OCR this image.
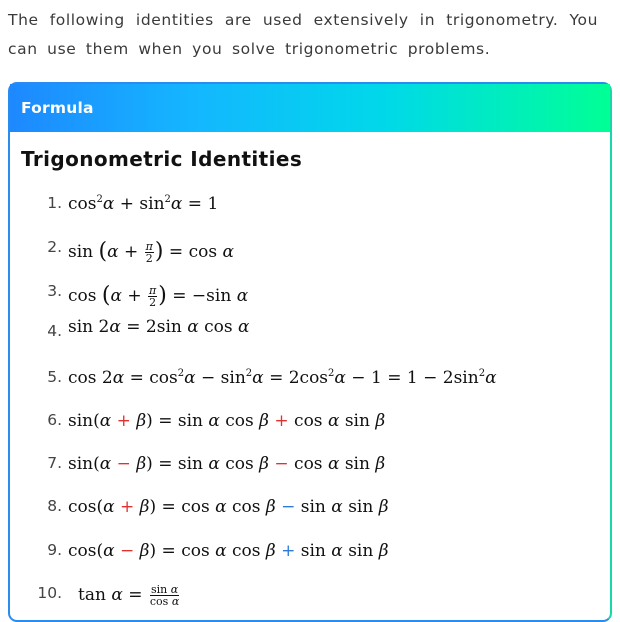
The following identities are used extensively in trigonometry. You can use them when you solve trigonometric problems.
Formula
Trigonometric Identities
1. $\cos^2\alpha + \sin^2\alpha = 1$
2. $\sin (\alpha + \frac{\pi}{2}$ ) = cos α
3. $\cos (\alpha + \frac{\pi}{2}$ ) = −sin α
4. sin 2α = 2sin α cos α
5. $\cos 2\alpha = \cos^2\alpha - \sin^2\alpha = 2\cos^2\alpha - 1 = 1 - 2\sin^2\alpha$
6. sin(α + β) = sin α cos β + cos α sin β
7. sin(α − β) = sin α cos β − cos α sin β
8. cos(α + β) = cos α cos β − sin α sin β
9. cos(α − β) = cos α cos β + sin α sin β
10. $\tan \alpha = \frac{\text{sin α}}{\text{cos α}}$
